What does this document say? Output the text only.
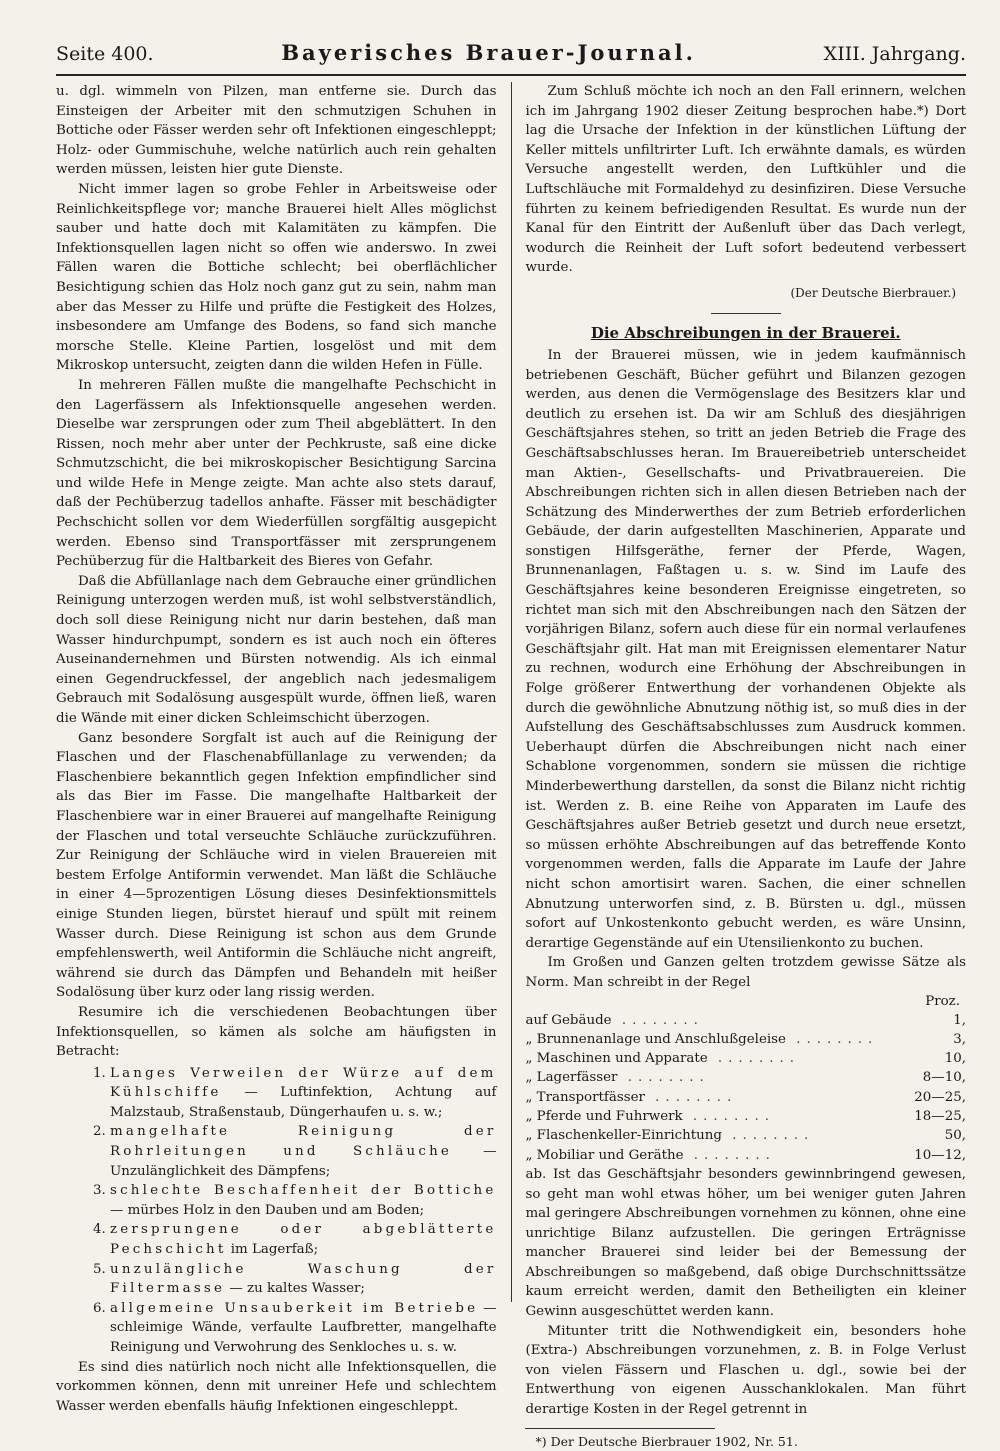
Seite 400.	Bayerisches Brauer-Journal.	XIII. Jahrgang.

u. dgl. wimmeln von Pilzen, man entferne sie. Durch das Einsteigen der Arbeiter mit den schmutzigen Schuhen in Bottiche oder Fässer werden sehr oft Infektionen eingeschleppt; Holz- oder Gummischuhe, welche natürlich auch rein gehalten werden müssen, leisten hier gute Dienste.

Nicht immer lagen so grobe Fehler in Arbeitsweise oder Reinlichkeitspflege vor; manche Brauerei hielt Alles möglichst sauber und hatte doch mit Kalamitäten zu kämpfen. Die Infektionsquellen lagen nicht so offen wie anderswo. In zwei Fällen waren die Bottiche schlecht; bei oberflächlicher Besichtigung schien das Holz noch ganz gut zu sein, nahm man aber das Messer zu Hilfe und prüfte die Festigkeit des Holzes, insbesondere am Umfange des Bodens, so fand sich manche morsche Stelle. Kleine Partien, losgelöst und mit dem Mikroskop untersucht, zeigten dann die wilden Hefen in Fülle.

In mehreren Fällen mußte die mangelhafte Pechschicht in den Lagerfässern als Infektionsquelle angesehen werden. Dieselbe war zersprungen oder zum Theil abgeblättert. In den Rissen, noch mehr aber unter der Pechkruste, saß eine dicke Schmutzschicht, die bei mikroskopischer Besichtigung Sarcina und wilde Hefe in Menge zeigte. Man achte also stets darauf, daß der Pechüberzug tadellos anhafte. Fässer mit beschädigter Pechschicht sollen vor dem Wiederfüllen sorgfältig ausgepicht werden. Ebenso sind Transportfässer mit zersprungenem Pechüberzug für die Haltbarkeit des Bieres von Gefahr.

Daß die Abfüllanlage nach dem Gebrauche einer gründlichen Reinigung unterzogen werden muß, ist wohl selbstverständlich, doch soll diese Reinigung nicht nur darin bestehen, daß man Wasser hindurchpumpt, sondern es ist auch noch ein öfteres Auseinandernehmen und Bürsten notwendig. Als ich einmal einen Gegendruckfessel, der angeblich nach jedesmaligem Gebrauch mit Sodalösung ausgespült wurde, öffnen ließ, waren die Wände mit einer dicken Schleimschicht überzogen.

Ganz besondere Sorgfalt ist auch auf die Reinigung der Flaschen und der Flaschenabfüllanlage zu verwenden; da Flaschenbiere bekanntlich gegen Infektion empfindlicher sind als das Bier im Fasse. Die mangelhafte Haltbarkeit der Flaschenbiere war in einer Brauerei auf mangelhafte Reinigung der Flaschen und total verseuchte Schläuche zurückzuführen. Zur Reinigung der Schläuche wird in vielen Brauereien mit bestem Erfolge Antiformin verwendet. Man läßt die Schläuche in einer 4—5prozentigen Lösung dieses Desinfektionsmittels einige Stunden liegen, bürstet hierauf und spült mit reinem Wasser durch. Diese Reinigung ist schon aus dem Grunde empfehlenswerth, weil Antiformin die Schläuche nicht angreift, während sie durch das Dämpfen und Behandeln mit heißer Sodalösung über kurz oder lang rissig werden.

Resumire ich die verschiedenen Beobachtungen über Infektionsquellen, so kämen als solche am häufigsten in Betracht:

1. Langes Verweilen der Würze auf dem Kühlschiffe — Luftinfektion, Achtung auf Malzstaub, Straßenstaub, Düngerhaufen u. s. w.;
2. mangelhafte Reinigung der Rohrleitungen und Schläuche — Unzulänglichkeit des Dämpfens;
3. schlechte Beschaffenheit der Bottiche — mürbes Holz in den Dauben und am Boden;
4. zersprungene oder abgeblätterte Pechschicht im Lagerfaß;
5. unzulängliche Waschung der Filtermasse — zu kaltes Wasser;
6. allgemeine Unsauberkeit im Betriebe — schleimige Wände, verfaulte Laufbretter, mangelhafte Reinigung und Verwohrung des Senkloches u. s. w.

Es sind dies natürlich noch nicht alle Infektionsquellen, die vorkommen können, denn mit unreiner Hefe und schlechtem Wasser werden ebenfalls häufig Infektionen eingeschleppt.

Zum Schluß möchte ich noch an den Fall erinnern, welchen ich im Jahrgang 1902 dieser Zeitung besprochen habe.*) Dort lag die Ursache der Infektion in der künstlichen Lüftung der Keller mittels unfiltrirter Luft. Ich erwähnte damals, es würden Versuche angestellt werden, den Luftkühler und die Luftschläuche mit Formaldehyd zu desinfiziren. Diese Versuche führten zu keinem befriedigenden Resultat. Es wurde nun der Kanal für den Eintritt der Außenluft über das Dach verlegt, wodurch die Reinheit der Luft sofort bedeutend verbessert wurde.

(Der Deutsche Bierbrauer.)
Die Abschreibungen in der Brauerei.

In der Brauerei müssen, wie in jedem kaufmännisch betriebenen Geschäft, Bücher geführt und Bilanzen gezogen werden, aus denen die Vermögenslage des Besitzers klar und deutlich zu ersehen ist. Da wir am Schluß des diesjährigen Geschäftsjahres stehen, so tritt an jeden Betrieb die Frage des Geschäftsabschlusses heran. Im Brauereibetrieb unterscheidet man Aktien-, Gesellschafts- und Privatbrauereien. Die Abschreibungen richten sich in allen diesen Betrieben nach der Schätzung des Minderwerthes der zum Betrieb erforderlichen Gebäude, der darin aufgestellten Maschinerien, Apparate und sonstigen Hilfsgeräthe, ferner der Pferde, Wagen, Brunnenanlagen, Faßtagen u. s. w. Sind im Laufe des Geschäftsjahres keine besonderen Ereignisse eingetreten, so richtet man sich mit den Abschreibungen nach den Sätzen der vorjährigen Bilanz, sofern auch diese für ein normal verlaufenes Geschäftsjahr gilt. Hat man mit Ereignissen elementarer Natur zu rechnen, wodurch eine Erhöhung der Abschreibungen in Folge größerer Entwerthung der vorhandenen Objekte als durch die gewöhnliche Abnutzung nöthig ist, so muß dies in der Aufstellung des Geschäftsabschlusses zum Ausdruck kommen. Ueberhaupt dürfen die Abschreibungen nicht nach einer Schablone vorgenommen, sondern sie müssen die richtige Minderbewerthung darstellen, da sonst die Bilanz nicht richtig ist. Werden z. B. eine Reihe von Apparaten im Laufe des Geschäftsjahres außer Betrieb gesetzt und durch neue ersetzt, so müssen erhöhte Abschreibungen auf das betreffende Konto vorgenommen werden, falls die Apparate im Laufe der Jahre nicht schon amortisirt waren. Sachen, die einer schnellen Abnutzung unterworfen sind, z. B. Bürsten u. dgl., müssen sofort auf Unkostenkonto gebucht werden, es wäre Unsinn, derartige Gegenstände auf ein Utensilienkonto zu buchen.

Im Großen und Ganzen gelten trotzdem gewisse Sätze als Norm. Man schreibt in der Regel

Proz.
auf Gebäude ........	1,
„ Brunnenanlage und Anschlußgeleise ........	3,
„ Maschinen und Apparate ........	10,
„ Lagerfässer ........	8—10,
„ Transportfässer ........	20—25,
„ Pferde und Fuhrwerk ........	18—25,
„ Flaschenkeller-Einrichtung ........	50,
„ Mobiliar und Geräthe ........	10—12,

ab. Ist das Geschäftsjahr besonders gewinnbringend gewesen, so geht man wohl etwas höher, um bei weniger guten Jahren mal geringere Abschreibungen vornehmen zu können, ohne eine unrichtige Bilanz aufzustellen. Die geringen Erträgnisse mancher Brauerei sind leider bei der Bemessung der Abschreibungen so maßgebend, daß obige Durchschnittssätze kaum erreicht werden, damit den Betheiligten ein kleiner Gewinn ausgeschüttet werden kann.

Mitunter tritt die Nothwendigkeit ein, besonders hohe (Extra-) Abschreibungen vorzunehmen, z. B. in Folge Verlust von vielen Fässern und Flaschen u. dgl., sowie bei der Entwerthung von eigenen Ausschanklokalen. Man führt derartige Kosten in der Regel getrennt in

*) Der Deutsche Bierbrauer 1902, Nr. 51.
